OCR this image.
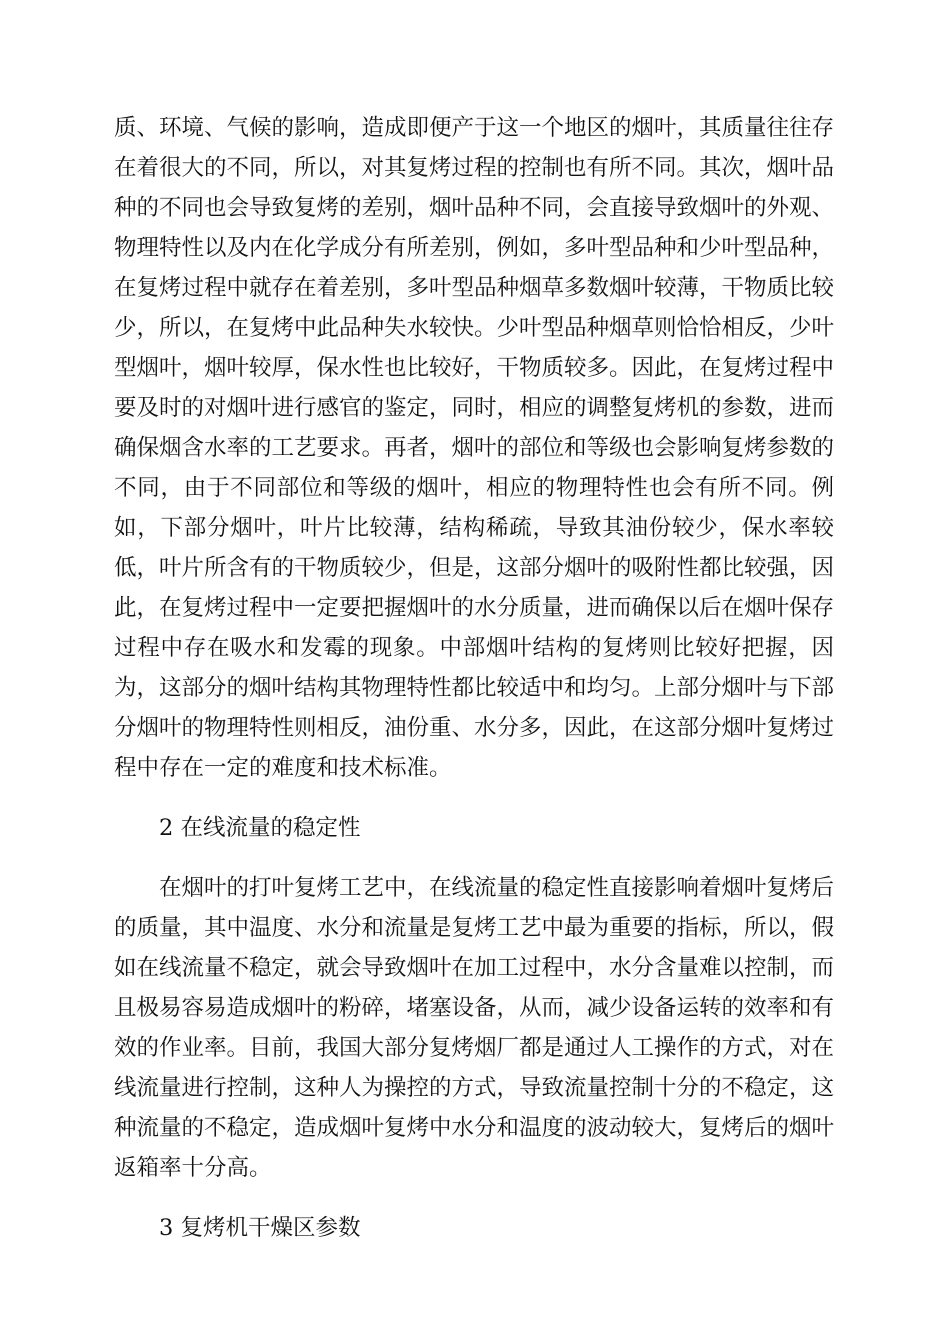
质、环境、气候的影响，造成即便产于这一个地区的烟叶，其质量往往存
在着很大的不同，所以，对其复烤过程的控制也有所不同。其次，烟叶品
种的不同也会导致复烤的差别，烟叶品种不同，会直接导致烟叶的外观、
物理特性以及内在化学成分有所差别，例如，多叶型品种和少叶型品种，
在复烤过程中就存在着差别，多叶型品种烟草多数烟叶较薄，干物质比较
少，所以，在复烤中此品种失水较快。少叶型品种烟草则恰恰相反，少叶
型烟叶，烟叶较厚，保水性也比较好，干物质较多。因此，在复烤过程中
要及时的对烟叶进行感官的鉴定，同时，相应的调整复烤机的参数，进而
确保烟含水率的工艺要求。再者，烟叶的部位和等级也会影响复烤参数的
不同，由于不同部位和等级的烟叶，相应的物理特性也会有所不同。例
如，下部分烟叶，叶片比较薄，结构稀疏，导致其油份较少，保水率较
低，叶片所含有的干物质较少，但是，这部分烟叶的吸附性都比较强，因
此，在复烤过程中一定要把握烟叶的水分质量，进而确保以后在烟叶保存
过程中存在吸水和发霉的现象。中部烟叶结构的复烤则比较好把握，因
为，这部分的烟叶结构其物理特性都比较适中和均匀。上部分烟叶与下部
分烟叶的物理特性则相反，油份重、水分多，因此，在这部分烟叶复烤过
程中存在一定的难度和技术标准。

2 在线流量的稳定性

在烟叶的打叶复烤工艺中，在线流量的稳定性直接影响着烟叶复烤后
的质量，其中温度、水分和流量是复烤工艺中最为重要的指标，所以，假
如在线流量不稳定，就会导致烟叶在加工过程中，水分含量难以控制，而
且极易容易造成烟叶的粉碎，堵塞设备，从而，减少设备运转的效率和有
效的作业率。目前，我国大部分复烤烟厂都是通过人工操作的方式，对在
线流量进行控制，这种人为操控的方式，导致流量控制十分的不稳定，这
种流量的不稳定，造成烟叶复烤中水分和温度的波动较大，复烤后的烟叶
返箱率十分高。

3 复烤机干燥区参数
